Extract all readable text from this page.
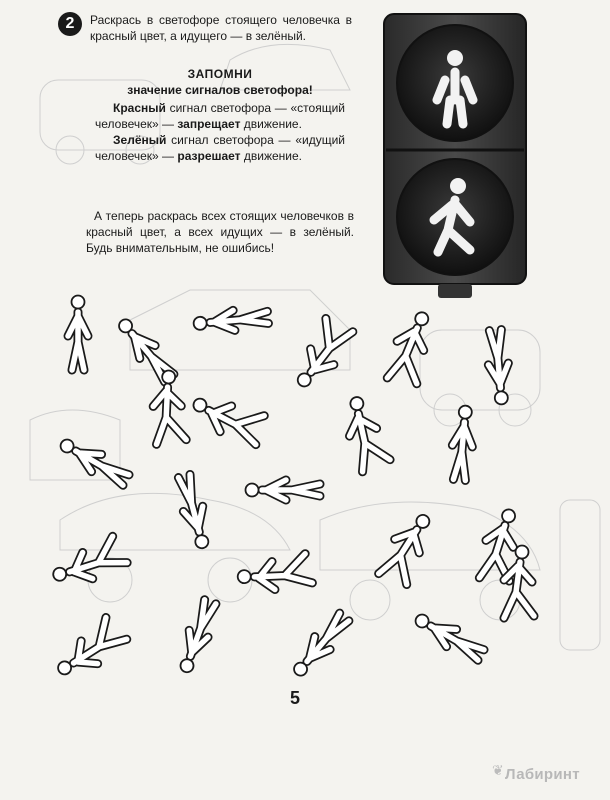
2	Раскрась в светофоре стоящего человечка в красный цвет, а идущего — в зелёный.
ЗАПОМНИ
значение сигналов светофора!
Красный сигнал светофора — «стоящий человечек» — запрещает движение.
Зелёный сигнал светофора — «идущий человечек» — разрешает движение.
А теперь раскрась всех стоящих человечков в красный цвет, а всех идущих — в зелёный. Будь внимательным, не ошибись!
5
❦ Лабиринт
